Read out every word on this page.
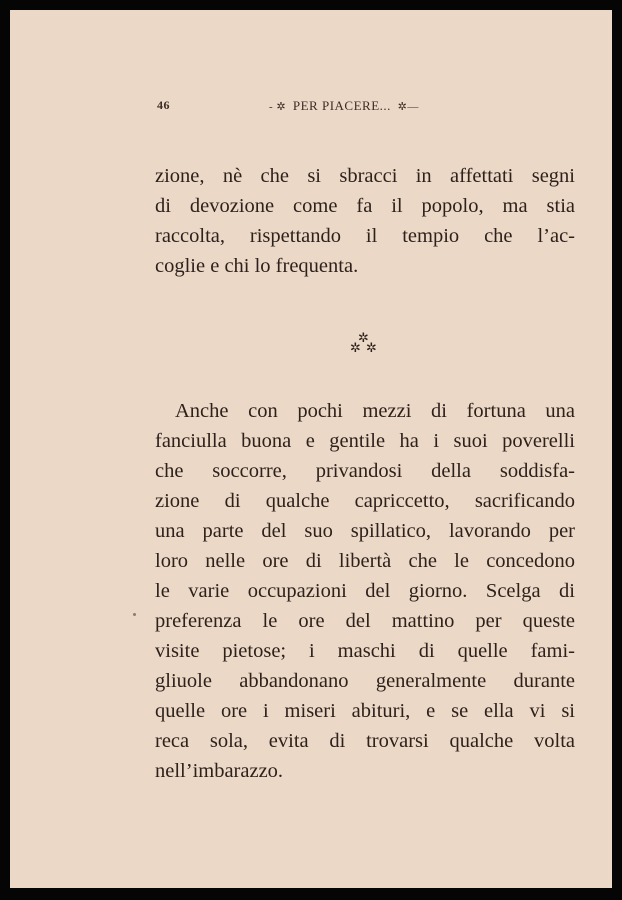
46	- ✲ PER PIACERE... ✲—
zione, nè che si sbracci in affettati segni
di devozione come fa il popolo, ma stia
raccolta, rispettando il tempio che l’ac-
coglie e chi lo frequenta.
✲
✲ ✲
Anche con pochi mezzi di fortuna una
fanciulla buona e gentile ha i suoi poverelli
che soccorre, privandosi della soddisfa-
zione di qualche capriccetto, sacrificando
una parte del suo spillatico, lavorando per
loro nelle ore di libertà che le concedono
le varie occupazioni del giorno. Scelga di
preferenza le ore del mattino per queste
visite pietose; i maschi di quelle fami-
gliuole abbandonano generalmente durante
quelle ore i miseri abituri, e se ella vi si
reca sola, evita di trovarsi qualche volta
nell’imbarazzo.
